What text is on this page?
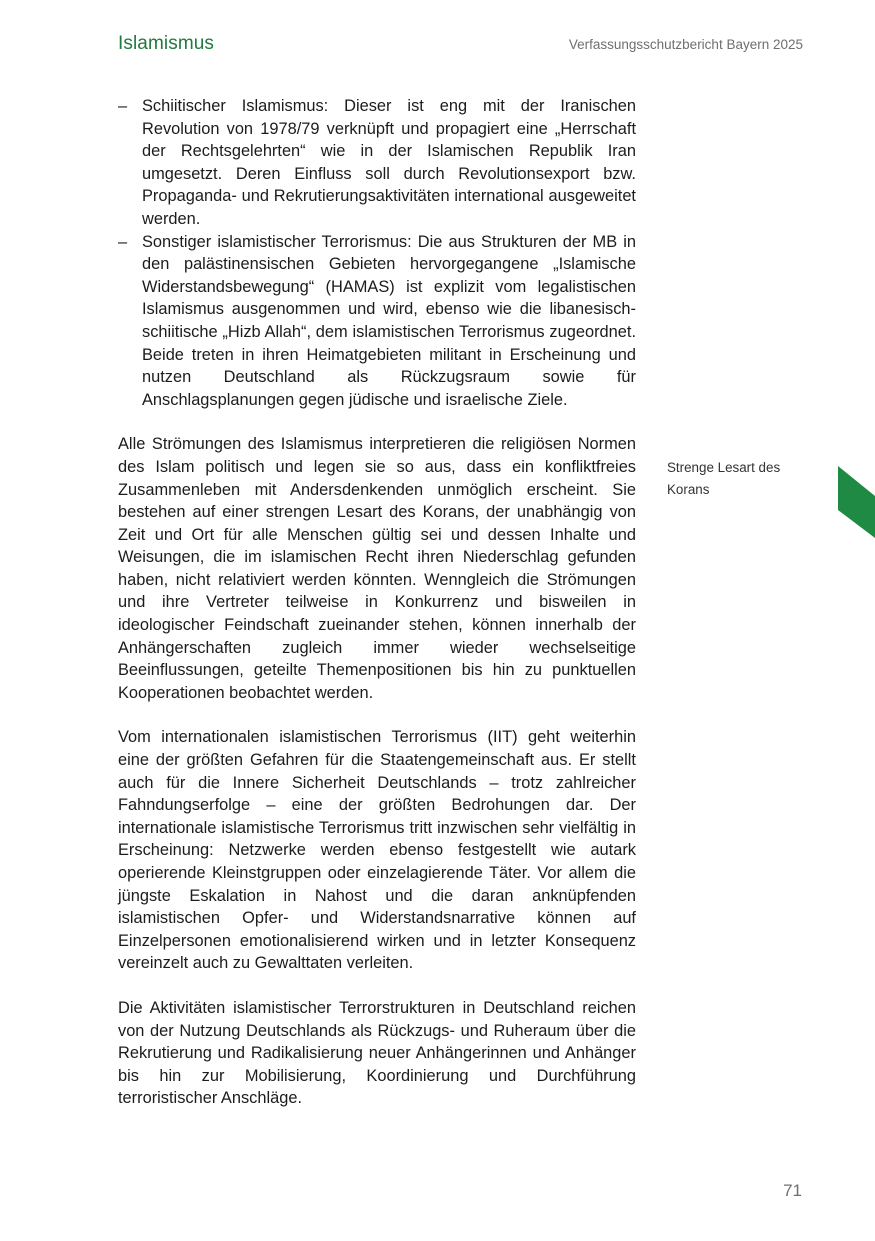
Islamismus	Verfassungsschutzbericht Bayern 2025
– Schiitischer Islamismus: Dieser ist eng mit der Iranischen Revolution von 1978/79 verknüpft und propagiert eine „Herrschaft der Rechtsgelehrten“ wie in der Islamischen Republik Iran umgesetzt. Deren Einfluss soll durch Revolutionsexport bzw. Propaganda- und Rekrutierungsaktivitäten international ausgeweitet werden.
– Sonstiger islamistischer Terrorismus: Die aus Strukturen der MB in den palästinensischen Gebieten hervorgegangene „Islamische Widerstandsbewegung“ (HAMAS) ist explizit vom legalistischen Islamismus ausgenommen und wird, ebenso wie die libanesisch-schiitische „Hizb Allah“, dem islamistischen Terrorismus zugeordnet. Beide treten in ihren Heimatgebieten militant in Erscheinung und nutzen Deutschland als Rückzugsraum sowie für Anschlagsplanungen gegen jüdische und israelische Ziele.

Alle Strömungen des Islamismus interpretieren die religiösen Normen des Islam politisch und legen sie so aus, dass ein konfliktfreies Zusammenleben mit Andersdenkenden unmöglich erscheint. Sie bestehen auf einer strengen Lesart des Korans, der unabhängig von Zeit und Ort für alle Menschen gültig sei und dessen Inhalte und Weisungen, die im islamischen Recht ihren Niederschlag gefunden haben, nicht relativiert werden könnten. Wenngleich die Strömungen und ihre Vertreter teilweise in Konkurrenz und bisweilen in ideologischer Feindschaft zueinander stehen, können innerhalb der Anhängerschaften zugleich immer wieder wechselseitige Beeinflussungen, geteilte Themenpositionen bis hin zu punktuellen Kooperationen beobachtet werden.

Vom internationalen islamistischen Terrorismus (IIT) geht weiterhin eine der größten Gefahren für die Staatengemeinschaft aus. Er stellt auch für die Innere Sicherheit Deutschlands – trotz zahlreicher Fahndungserfolge – eine der größten Bedrohungen dar. Der internationale islamistische Terrorismus tritt inzwischen sehr vielfältig in Erscheinung: Netzwerke werden ebenso festgestellt wie autark operierende Kleinstgruppen oder einzelagierende Täter. Vor allem die jüngste Eskalation in Nahost und die daran anknüpfenden islamistischen Opfer- und Widerstandsnarrative können auf Einzelpersonen emotionalisierend wirken und in letzter Konsequenz vereinzelt auch zu Gewalttaten verleiten.

Die Aktivitäten islamistischer Terrorstrukturen in Deutschland reichen von der Nutzung Deutschlands als Rückzugs- und Ruheraum über die Rekrutierung und Radikalisierung neuer Anhängerinnen und Anhänger bis hin zur Mobilisierung, Koordinierung und Durchführung terroristischer Anschläge.

Strenge Lesart des Korans
71
